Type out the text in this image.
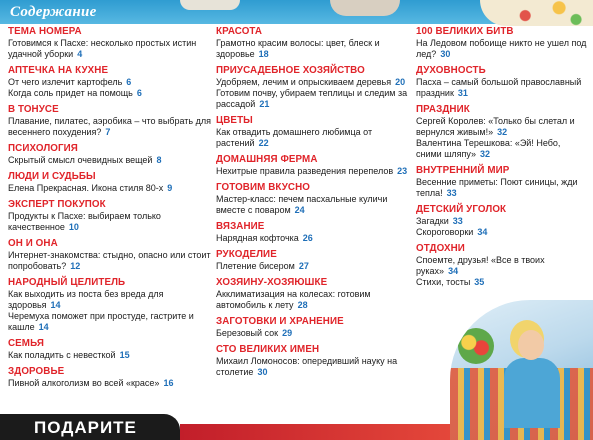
Содержание
ТЕМА НОМЕРА
Готовимся к Пасхе: несколько простых истин удачной уборки 4
АПТЕЧКА НА КУХНЕ
От чего излечит картофель 6
Когда соль придет на помощь 6
В ТОНУСЕ
Плавание, пилатес, аэробика – что выбрать для весеннего похудения? 7
ПСИХОЛОГИЯ
Скрытый смысл очевидных вещей 8
ЛЮДИ И СУДЬБЫ
Елена Прекрасная. Икона стиля 80-х 9
ЭКСПЕРТ ПОКУПОК
Продукты к Пасхе: выбираем только качественное 10
ОН И ОНА
Интернет-знакомства: стыдно, опасно или стоит попробовать? 12
НАРОДНЫЙ ЦЕЛИТЕЛЬ
Как выходить из поста без вреда для здоровья 14
Черемуха поможет при простуде, гастрите и кашле 14
СЕМЬЯ
Как поладить с невесткой 15
ЗДОРОВЬЕ
Пивной алкоголизм во всей «красе» 16
КРАСОТА
Грамотно красим волосы: цвет, блеск и здоровье 18
ПРИУСАДЕБНОЕ ХОЗЯЙСТВО
Удобряем, лечим и опрыскиваем деревья 20
Готовим почву, убираем теплицы и следим за рассадой 21
ЦВЕТЫ
Как отвадить домашнего любимца от растений 22
ДОМАШНЯЯ ФЕРМА
Нехитрые правила разведения перепелов 23
ГОТОВИМ ВКУСНО
Мастер-класс: печем пасхальные куличи вместе с поваром 24
ВЯЗАНИЕ
Нарядная кофточка 26
РУКОДЕЛИЕ
Плетение бисером 27
ХОЗЯИНУ-ХОЗЯЮШКЕ
Акклиматизация на колесах: готовим автомобиль к лету 28
ЗАГОТОВКИ И ХРАНЕНИЕ
Березовый сок 29
СТО ВЕЛИКИХ ИМЕН
Михаил Ломоносов: опередивший науку на столетие 30
100 ВЕЛИКИХ БИТВ
На Ледовом побоище никто не ушел под лед? 30
ДУХОВНОСТЬ
Пасха – самый большой православный праздник 31
ПРАЗДНИК
Сергей Королев: «Только бы слетал и вернулся живым!» 32
Валентина Терешкова: «Эй! Небо, сними шляпу» 32
ВНУТРЕННИЙ МИР
Весенние приметы: Поют синицы, жди тепла! 33
ДЕТСКИЙ УГОЛОК
Загадки 33
Скороговорки 34
ОТДОХНИ
Споемте, друзья! «Все в твоих руках» 34
Стихи, тосты 35
ПОДАРИТЕ
